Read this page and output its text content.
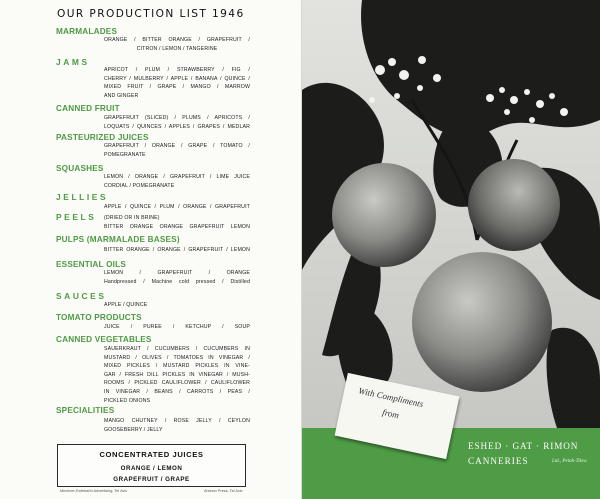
OUR PRODUCTION LIST 1946
MARMALADES
ORANGE / BITTER ORANGE / GRAPEFRUIT /
CITRON / LEMON / TANGERINE
JAMS
APRICOT / PLUM / STRAWBERRY / FIG /
CHERRY / MULBERRY / APPLE / BANANA / QUINCE /
MIXED FRUIT / GRAPE / MANGO / MARROW
AND GINGER
CANNED FRUIT
GRAPEFRUIT (SLICED) / PLUMS / APRICOTS /
LOQUATS / QUINCES / APPLES / GRAPES / MEDLAR
PASTEURIZED JUICES
GRAPEFRUIT / ORANGE / GRAPE / TOMATO /
POMEGRANATE
SQUASHES
LEMON / ORANGE / GRAPEFRUIT / LIME JUICE
CORDIAL / POMEGRANATE
JELLIES
APPLE / QUINCE / PLUM / ORANGE / GRAPEFRUIT
PEELS (DRIED OR IN BRINE)
BITTER ORANGE ORANGE GRAPEFRUIT LEMON
PULPS (MARMALADE BASES)
BITTER ORANGE / ORANGE / GRAPEFRUIT / LEMON
ESSENTIAL OILS
LEMON / GRAPEFRUIT / ORANGE
Handpressed / Machine cold pressed / Distilled
SAUCES
APPLE / QUINCE
TOMATO PRODUCTS
JUICE / PUREE / KETCHUP / SOUP
CANNED VEGETABLES
SAUERKRAUT / CUCUMBERS / CUCUMBERS IN
MUSTARD / OLIVES / TOMATOES IN VINEGAR /
MIXED PICKLES / MUSTARD PICKLES IN VINE-
GAR / FRESH DILL PICKLES IN VINEGAR / MUSH-
ROOMS / PICKLED CAULIFLOWER / CAULIFLOWER
IN VINEGAR / BEANS / CARROTS / PEAS /
PICKLED ONIONS
SPECIALITIES
MANGO CHUTNEY / ROSE JELLY / CEYLON
GOOSEBERRY / JELLY
CONCENTRATED JUICES
ORANGE / LEMON
GRAPEFRUIT / GRAPE
Mechner-Rothbarth Advertising, Tel Aviv	Ahiezer Press, Tel Aviv
ESHED · GAT · RIMON
CANNERIES	Ltd., Petah-Tikva
With Compliments
from
